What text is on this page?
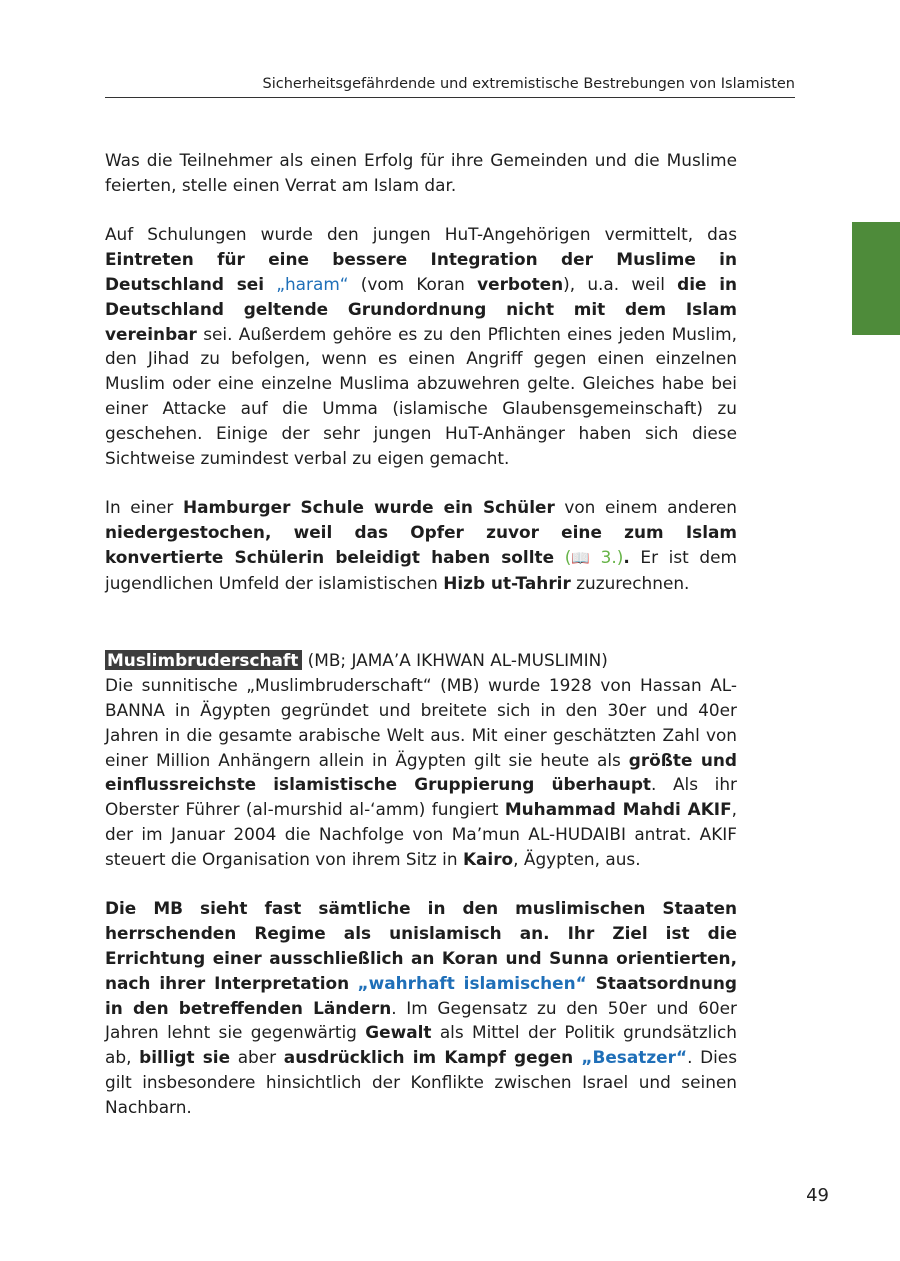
Sicherheitsgefährdende und extremistische Bestrebungen von Islamisten

Was die Teilnehmer als einen Erfolg für ihre Gemeinden und die Muslime feierten, stelle einen Verrat am Islam dar.

Auf Schulungen wurde den jungen HuT-Angehörigen vermittelt, das Eintreten für eine bessere Integration der Muslime in Deutschland sei „haram“ (vom Koran verboten), u.a. weil die in Deutschland geltende Grundordnung nicht mit dem Islam vereinbar sei. Außerdem gehöre es zu den Pflichten eines jeden Muslim, den Jihad zu befolgen, wenn es einen Angriff gegen einen einzelnen Muslim oder eine einzelne Muslima abzuwehren gelte. Gleiches habe bei einer Attacke auf die Umma (islamische Glaubensgemeinschaft) zu geschehen. Einige der sehr jungen HuT-Anhänger haben sich diese Sichtweise zumindest verbal zu eigen gemacht.

In einer Hamburger Schule wurde ein Schüler von einem anderen niedergestochen, weil das Opfer zuvor eine zum Islam konvertierte Schülerin beleidigt haben sollte (📖 3.). Er ist dem jugendlichen Umfeld der islamistischen Hizb ut-Tahrir zuzurechnen.

Muslimbruderschaft (MB; JAMA’A IKHWAN AL-MUSLIMIN)

Die sunnitische „Muslimbruderschaft“ (MB) wurde 1928 von Hassan AL-BANNA in Ägypten gegründet und breitete sich in den 30er und 40er Jahren in die gesamte arabische Welt aus. Mit einer geschätzten Zahl von einer Million Anhängern allein in Ägypten gilt sie heute als größte und einflussreichste islamistische Gruppierung überhaupt. Als ihr Oberster Führer (al-murshid al-‘amm) fungiert Muhammad Mahdi AKIF, der im Januar 2004 die Nachfolge von Ma’mun AL-HUDAIBI antrat. AKIF steuert die Organisation von ihrem Sitz in Kairo, Ägypten, aus.

Die MB sieht fast sämtliche in den muslimischen Staaten herrschenden Regime als unislamisch an. Ihr Ziel ist die Errichtung einer ausschließlich an Koran und Sunna orientierten, nach ihrer Interpretation „wahrhaft islamischen“ Staatsordnung in den betreffenden Ländern. Im Gegensatz zu den 50er und 60er Jahren lehnt sie gegenwärtig Gewalt als Mittel der Politik grundsätzlich ab, billigt sie aber ausdrücklich im Kampf gegen „Besatzer“. Dies gilt insbesondere hinsichtlich der Konflikte zwischen Israel und seinen Nachbarn.

49
